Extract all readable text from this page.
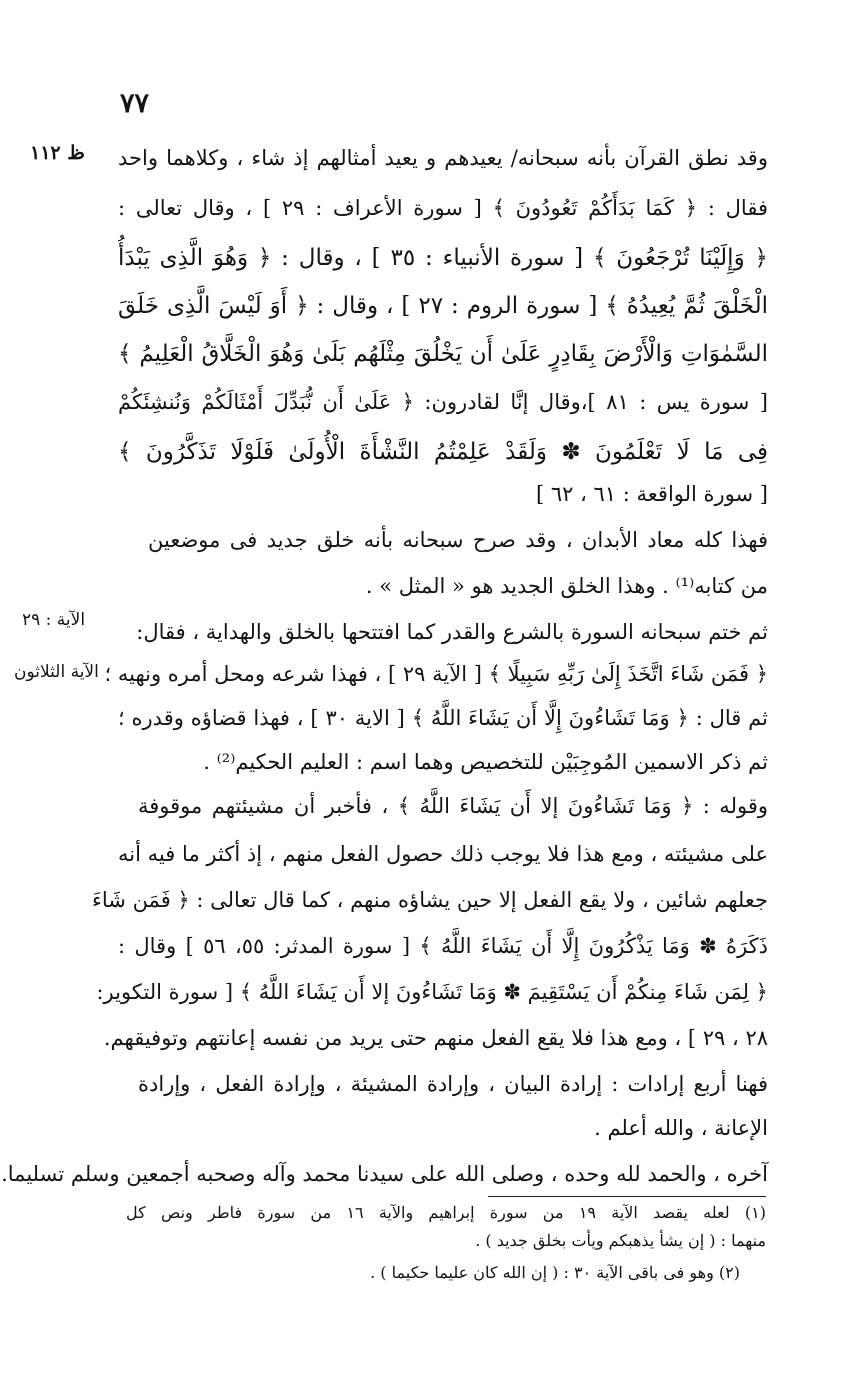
٧٧
ظ ١١٢
الآية : ٢٩
الآية الثلاثون
وقد نطق القرآن بأنه سبحانه/ يعيدهم و يعيد أمثالهم إذ شاء ، وكلاهما واحد
فقال : ﴿ كَمَا بَدَأَكُمْ تَعُودُونَ ﴾ [ سورة الأعراف : ٢٩ ] ، وقال تعالى :
﴿ وَإِلَيْنَا تُرْجَعُونَ ﴾ [ سورة الأنبياء : ٣٥ ] ، وقال : ﴿ وَهُوَ الَّذِى يَبْدَأُ
الْخَلْقَ ثُمَّ يُعِيدُهُ ﴾ [ سورة الروم : ٢٧ ] ، وقال : ﴿ أَوَ لَيْسَ الَّذِى خَلَقَ
السَّمٰوَاتِ وَالْأَرْضَ بِقَادِرٍ عَلَىٰ أَن يَخْلُقَ مِثْلَهُم بَلَىٰ وَهُوَ الْخَلَّاقُ الْعَلِيمُ ﴾
[ سورة يس : ٨١ ]،وقال إنَّا لقادرون: ﴿ عَلَىٰ أَن نُّبَدِّلَ أَمْثَالَكُمْ وَنُنشِئَكُمْ
فِى مَا لَا تَعْلَمُونَ ✽ وَلَقَدْ عَلِمْتُمُ النَّشْأَةَ الْأُولَىٰ فَلَوْلَا تَذَكَّرُونَ ﴾
[ سورة الواقعة : ٦١ ، ٦٢ ]
فهذا كله معاد الأبدان ، وقد صرح سبحانه بأنه خلق جديد فى موضعين
من كتابه⁽¹⁾ . وهذا الخلق الجديد هو « المثل » .
ثم ختم سبحانه السورة بالشرع والقدر كما افتتحها بالخلق والهداية ، فقال:
﴿ فَمَن شَاءَ اتَّخَذَ إِلَىٰ رَبِّهِ سَبِيلًا ﴾ [ الآية ٢٩ ] ، فهذا شرعه ومحل أمره ونهيه ؛
ثم قال : ﴿ وَمَا تَشَاءُونَ إِلَّا أَن يَشَاءَ اللَّهُ ﴾ [ الاية ٣٠ ] ، فهذا قضاؤه وقدره ؛
ثم ذكر الاسمين المُوجِبَيْن للتخصيص وهما اسم : العليم الحكيم⁽²⁾ .
وقوله : ﴿ وَمَا تَشَاءُونَ إلا أَن يَشَاءَ اللَّهُ ﴾ ، فأخبر أن مشيئتهم موقوفة
على مشيئته ، ومع هذا فلا يوجب ذلك حصول الفعل منهم ، إذ أكثر ما فيه أنه
جعلهم شائين ، ولا يقع الفعل إلا حين يشاؤه منهم ، كما قال تعالى : ﴿ فَمَن شَاءَ
ذَكَرَهُ ✽ وَمَا يَذْكُرُونَ إِلَّا أَن يَشَاءَ اللَّهُ ﴾ [ سورة المدثر: ٥٥، ٥٦ ] وقال :
﴿ لِمَن شَاءَ مِنكُمْ أَن يَسْتَقِيمَ ✽ وَمَا تَشَاءُونَ إلا أَن يَشَاءَ اللَّهُ ﴾ [ سورة التكوير:
٢٨ ، ٢٩ ] ، ومع هذا فلا يقع الفعل منهم حتى يريد من نفسه إعانتهم وتوفيقهم.
فهنا أربع إرادات : إرادة البيان ، وإرادة المشيئة ، وإرادة الفعل ، وإرادة
الإعانة ، والله أعلم .
آخره ، والحمد لله وحده ، وصلى الله على سيدنا محمد وآله وصحبه أجمعين وسلم تسليما.
(١) لعله يقصد الآية ١٩ من سورة إبراهيم والآية ١٦ من سورة فاطر ونص كل
منهما : ( إن يشأ يذهبكم ويأت بخلق جديد ) .
(٢) وهو فى باقى الآية ٣٠ : ( إن الله كان عليما حكيما ) .
